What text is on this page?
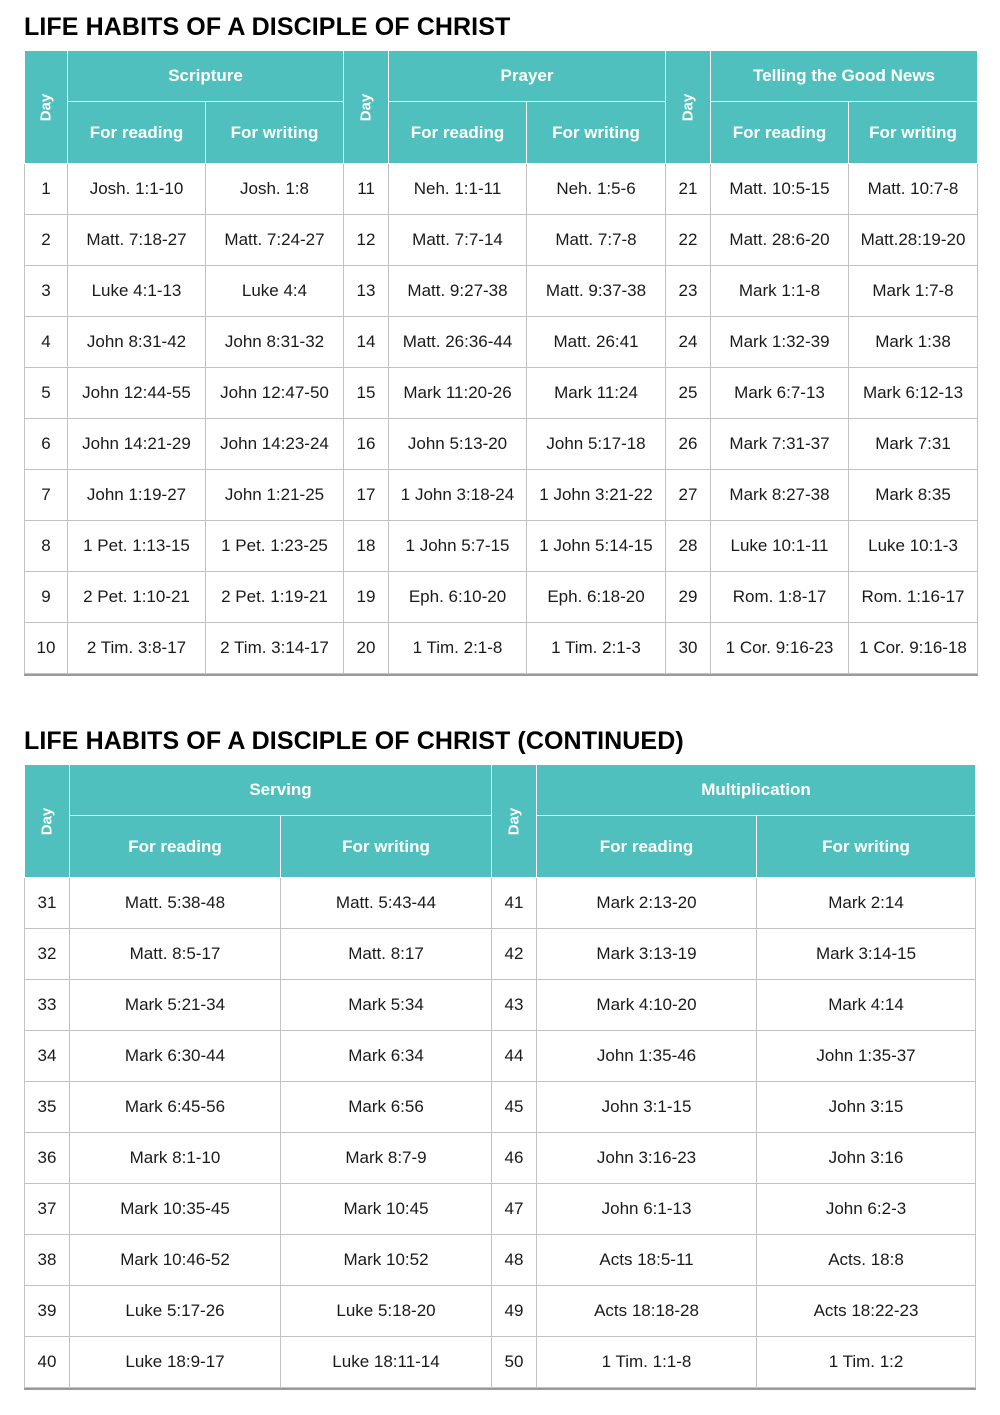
LIFE HABITS OF A DISCIPLE OF CHRIST
Day	Scripture		Day	Prayer		Day	Telling the Good News	
	For reading	For writing		For reading	For writing		For reading	For writing
1	Josh. 1:1-10	Josh. 1:8	11	Neh. 1:1-11	Neh. 1:5-6	21	Matt. 10:5-15	Matt. 10:7-8
2	Matt. 7:18-27	Matt. 7:24-27	12	Matt. 7:7-14	Matt. 7:7-8	22	Matt. 28:6-20	Matt.28:19-20
3	Luke 4:1-13	Luke 4:4	13	Matt. 9:27-38	Matt. 9:37-38	23	Mark 1:1-8	Mark 1:7-8
4	John 8:31-42	John 8:31-32	14	Matt. 26:36-44	Matt. 26:41	24	Mark 1:32-39	Mark 1:38
5	John 12:44-55	John 12:47-50	15	Mark 11:20-26	Mark 11:24	25	Mark 6:7-13	Mark 6:12-13
6	John 14:21-29	John 14:23-24	16	John 5:13-20	John 5:17-18	26	Mark 7:31-37	Mark 7:31
7	John 1:19-27	John 1:21-25	17	1 John 3:18-24	1 John 3:21-22	27	Mark 8:27-38	Mark 8:35
8	1 Pet. 1:13-15	1 Pet. 1:23-25	18	1 John 5:7-15	1 John 5:14-15	28	Luke 10:1-11	Luke 10:1-3
9	2 Pet. 1:10-21	2 Pet. 1:19-21	19	Eph. 6:10-20	Eph. 6:18-20	29	Rom. 1:8-17	Rom. 1:16-17
10	2 Tim. 3:8-17	2 Tim. 3:14-17	20	1 Tim. 2:1-8	1 Tim. 2:1-3	30	1 Cor. 9:16-23	1 Cor. 9:16-18
LIFE HABITS OF A DISCIPLE OF CHRIST (CONTINUED)
Day	Serving		Day	Multiplication	
	For reading	For writing		For reading	For writing
31	Matt. 5:38-48	Matt. 5:43-44	41	Mark 2:13-20	Mark 2:14
32	Matt. 8:5-17	Matt. 8:17	42	Mark 3:13-19	Mark 3:14-15
33	Mark 5:21-34	Mark 5:34	43	Mark 4:10-20	Mark 4:14
34	Mark 6:30-44	Mark 6:34	44	John 1:35-46	John 1:35-37
35	Mark 6:45-56	Mark 6:56	45	John 3:1-15	John 3:15
36	Mark 8:1-10	Mark 8:7-9	46	John 3:16-23	John 3:16
37	Mark 10:35-45	Mark 10:45	47	John 6:1-13	John 6:2-3
38	Mark 10:46-52	Mark 10:52	48	Acts 18:5-11	Acts. 18:8
39	Luke 5:17-26	Luke 5:18-20	49	Acts 18:18-28	Acts 18:22-23
40	Luke 18:9-17	Luke 18:11-14	50	1 Tim. 1:1-8	1 Tim. 1:2
